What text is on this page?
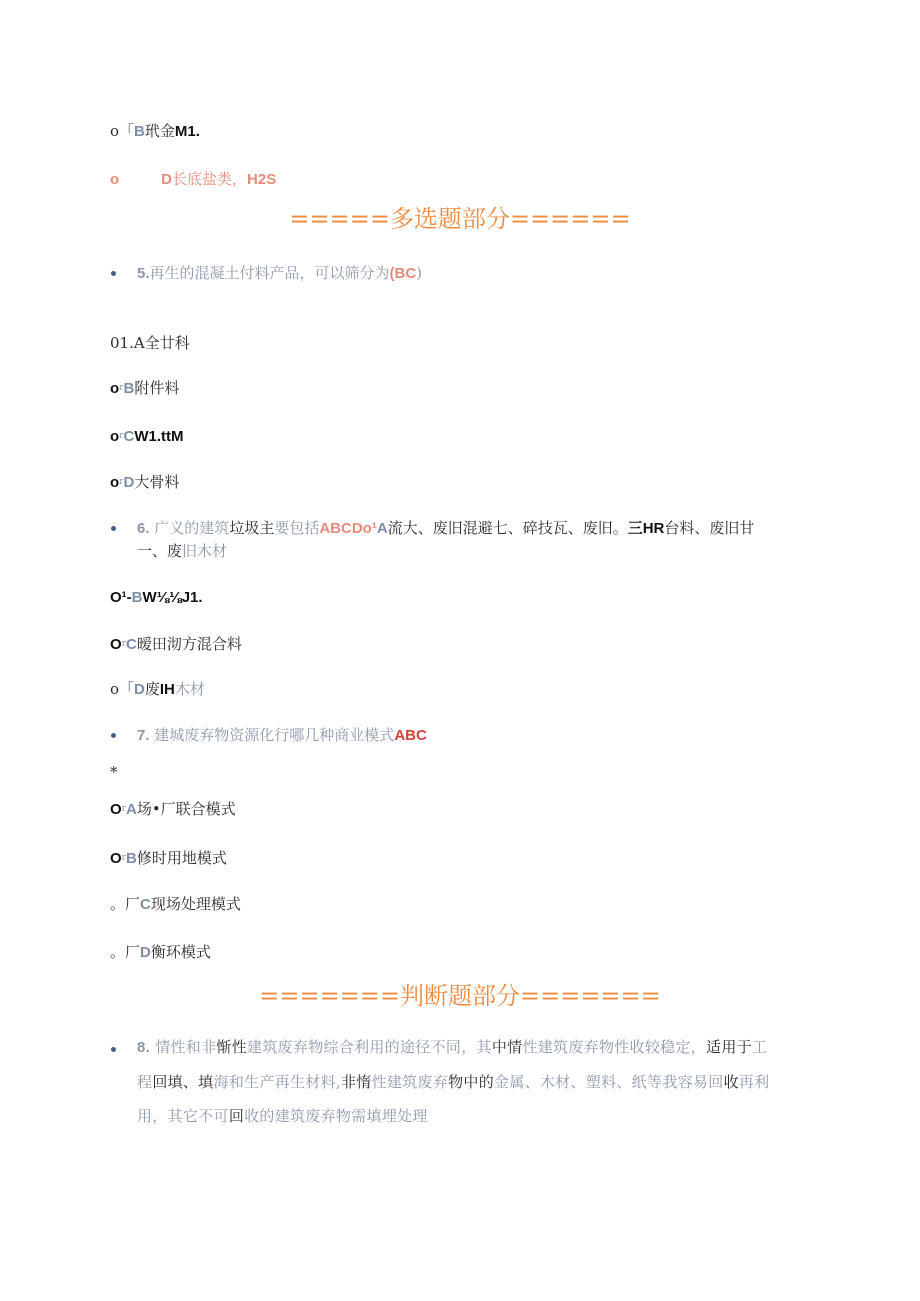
o「B玳金M1.
o	D长底盐类，H2S
=====多选题部分======
5.再生的混凝土付料产品，可以筛分为(BC)
01.A全廿科
$o^rB$附件料
$o^rCW1.ttM$
$o^rD$大骨料
6. 广义的建筑垃圾主要包括ABCDo¹A流大、废旧混避七、碎技瓦、废旧。三HR台料、废旧甘
一、废旧木材
O¹-BW⅛⅛J1.
$O^rC$暧田沏方混合料
o「D废IH木材
7. 建城废弃物资源化行哪几种商业模式ABC
*
$O^rA$场•厂联合模式
$O^rB$修时用地模式
。厂C现场处理模式
。厂D衡环模式
=======判断题部分=======
8. 情性和非惭性建筑废弃物综合利用的途径不同，其中情性建筑废弃物性收较稳定，适用于工
程回填、填海和生产再生材料,非惰性建筑废弃物中的金属、木材、塑料、纸等我容易回收再利
用，其它不可回收的建筑废弃物需填埋处理
